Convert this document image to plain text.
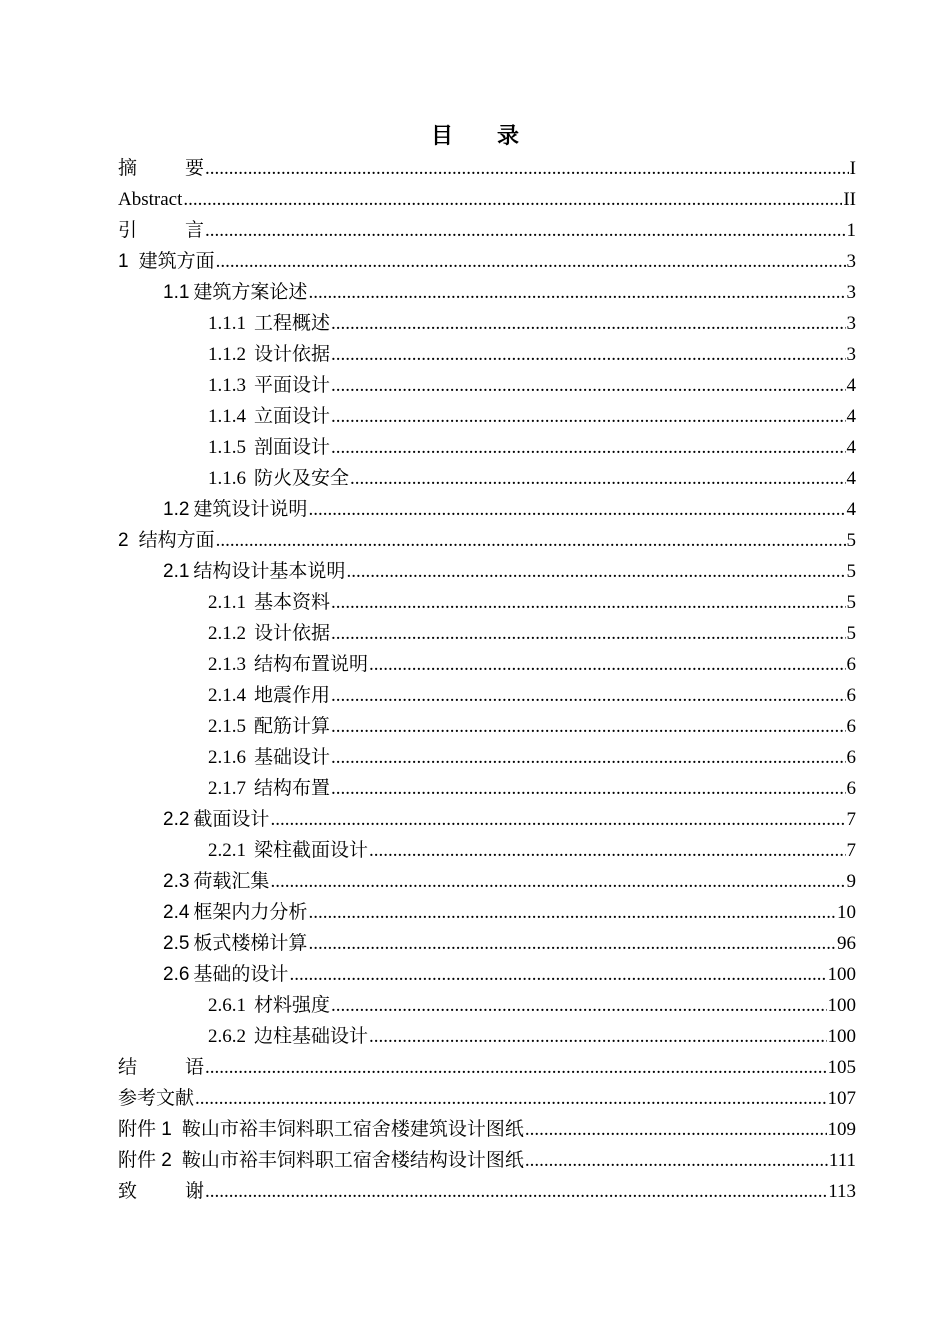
目 录
摘	要 .....	I
Abstract .....	II
引	言 .....	1
1 建筑方面 .....	3
1.1 建筑方案论述 .....	3
1.1.1 工程概述 .....	3
1.1.2 设计依据 .....	3
1.1.3 平面设计 .....	4
1.1.4 立面设计 .....	4
1.1.5 剖面设计 .....	4
1.1.6 防火及安全 .....	4
1.2 建筑设计说明 .....	4
2 结构方面 .....	5
2.1 结构设计基本说明 .....	5
2.1.1 基本资料 .....	5
2.1.2 设计依据 .....	5
2.1.3 结构布置说明 .....	6
2.1.4 地震作用 .....	6
2.1.5 配筋计算 .....	6
2.1.6 基础设计 .....	6
2.1.7 结构布置 .....	6
2.2 截面设计 .....	7
2.2.1 梁柱截面设计 .....	7
2.3 荷载汇集 .....	9
2.4 框架内力分析 .....	10
2.5 板式楼梯计算 .....	96
2.6 基础的设计 .....	100
2.6.1 材料强度 .....	100
2.6.2 边柱基础设计 .....	100
结	语 .....	105
参考文献 .....	107
附件 1 鞍山市裕丰饲料职工宿舍楼建筑设计图纸 .....	109
附件 2 鞍山市裕丰饲料职工宿舍楼结构设计图纸 .....	111
致	谢 .....	113
